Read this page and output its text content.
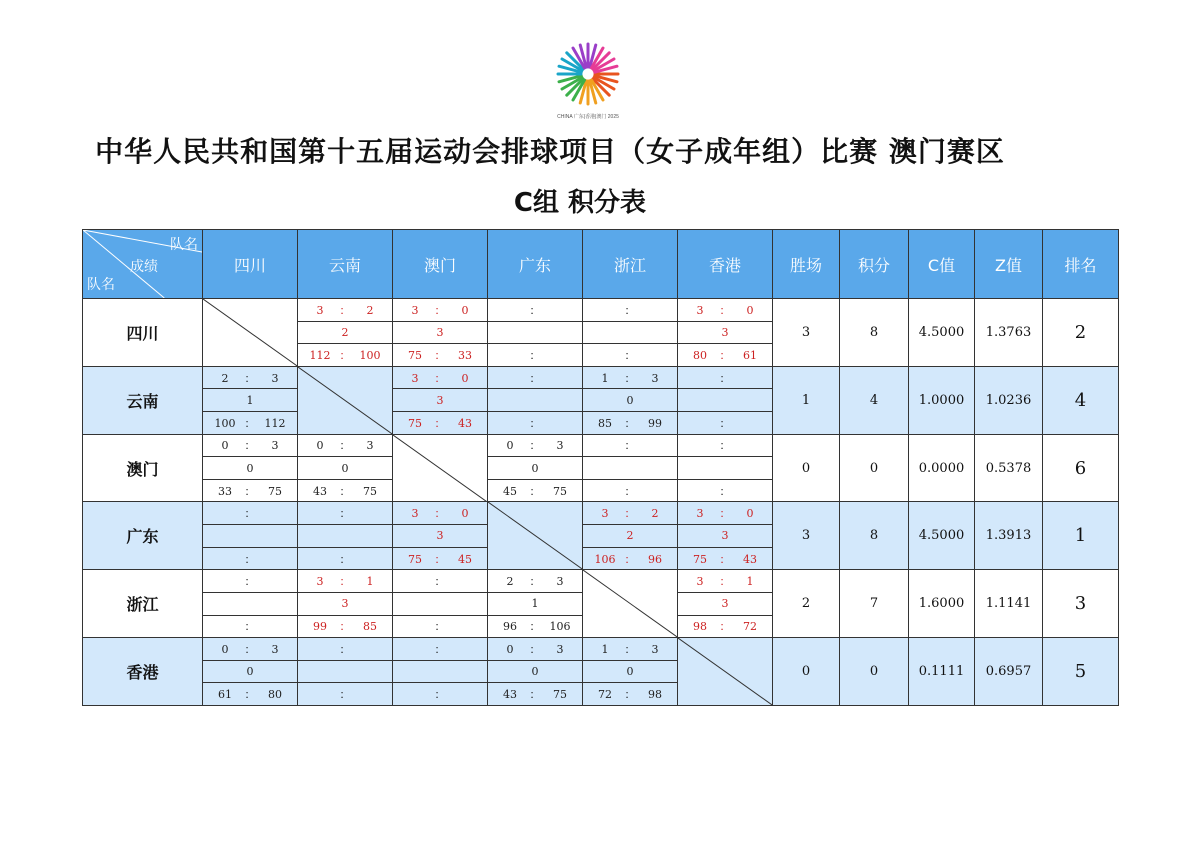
CHINA 广东|香港|澳门 2025
中华人民共和国第十五届运动会排球项目（女子成年组）比赛 澳门赛区
C组 积分表
队名
成绩
队名	四川	云南	澳门	广东	浙江	香港	胜场	积分	C值	Z值	排名
四川		3 ： 2	3 ： 0	：	：	3 ： 0	3	8	4.5000	1.3763	2
		2	3			3					
		112 ： 100	75 ： 33	：	：	80 ： 61					
云南	2 ： 3		3 ： 0	：	1 ： 3	：	1	4	1.0000	1.0236	4
	1		3		0						
	100 ： 112		75 ： 43	：	85 ： 99	：					
澳门	0 ： 3	0 ： 3		0 ： 3	：	：	0	0	0.0000	0.5378	6
	0	0		0							
	33 ： 75	43 ： 75		45 ： 75	：	：					
广东	：	：	3 ： 0		3 ： 2	3 ： 0	3	8	4.5000	1.3913	1
			3		2	3					
	：	：	75 ： 45		106 ： 96	75 ： 43					
浙江	：	3 ： 1	：	2 ： 3		3 ： 1	2	7	1.6000	1.1141	3
		3		1		3					
	：	99 ： 85	：	96 ： 106		98 ： 72					
香港	0 ： 3	：	：	0 ： 3	1 ： 3		0	0	0.1111	0.6957	5
	0			0	0						
	61 ： 80	：	：	43 ： 75	72 ： 98						
